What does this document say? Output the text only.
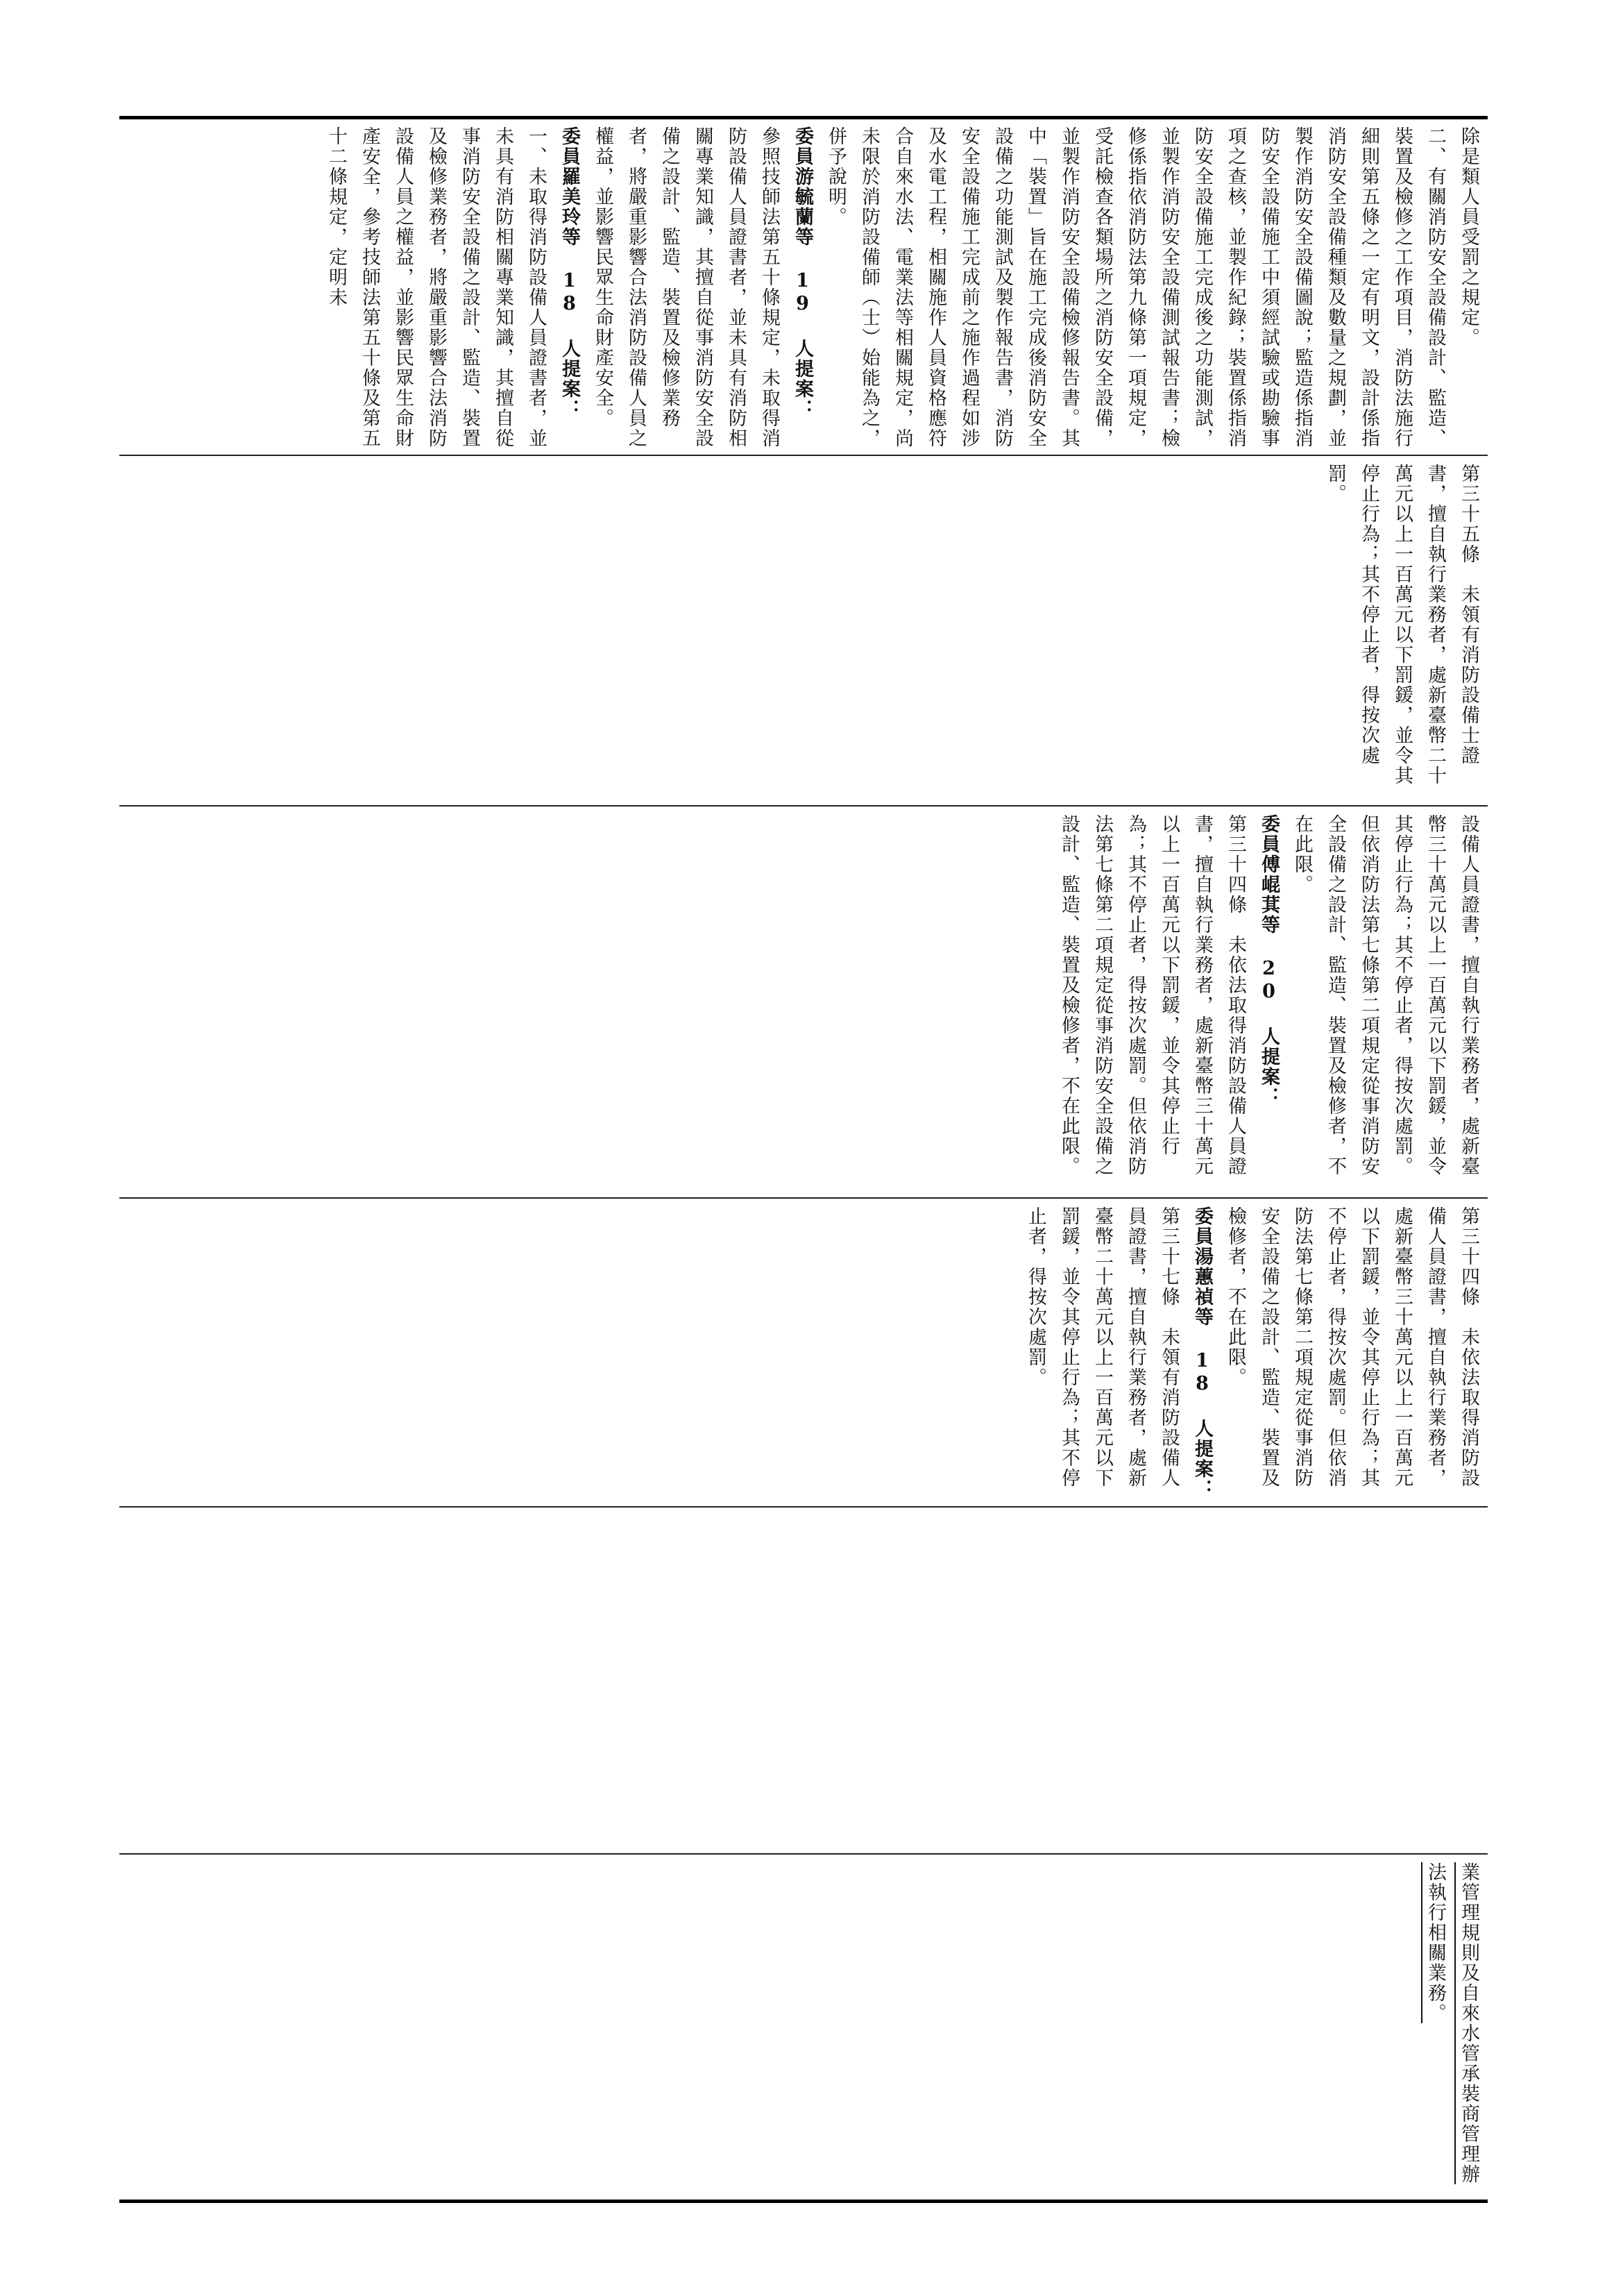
除是類人員受罰之規定。
二、有關消防安全設備設計、監造、裝置及檢修之工作項目，消防法施行細則第五條之一定有明文，設計係指消防安全設備種類及數量之規劃，並製作消防安全設備圖說；監造係指消防安全設備施工中須經試驗或勘驗事項之查核，並製作紀錄；裝置係指消防安全設備施工完成後之功能測試，並製作消防安全設備測試報告書；檢修係指依消防法第九條第一項規定，受託檢查各類場所之消防安全設備，並製作消防安全設備檢修報告書。其中「裝置」旨在施工完成後消防安全設備之功能測試及製作報告書，消防安全設備施工完成前之施作過程如涉及水電工程，相關施作人員資格應符合自來水法、電業法等相關規定，尚未限於消防設備師（士）始能為之，併予說明。
委員游毓蘭等 19 人提案：
參照技師法第五十條規定，未取得消防設備人員證書者，並未具有消防相關專業知識，其擅自從事消防安全設備之設計、監造、裝置及檢修業務者，將嚴重影響合法消防設備人員之權益，並影響民眾生命財產安全。
委員羅美玲等 18 人提案：
一、未取得消防設備人員證書者，並未具有消防相關專業知識，其擅自從事消防安全設備之設計、監造、裝置及檢修業務者，將嚴重影響合法消防設備人員之權益，並影響民眾生命財產安全，參考技師法第五十條及第五十二條規定，定明未
第三十五條　未領有消防設備士證書，擅自執行業務者，處新臺幣二十萬元以上一百萬元以下罰鍰，並令其停止行為；其不停止者，得按次處罰。
設備人員證書，擅自執行業務者，處新臺幣三十萬元以上一百萬元以下罰鍰，並令其停止行為；其不停止者，得按次處罰。但依消防法第七條第二項規定從事消防安全設備之設計、監造、裝置及檢修者，不在此限。
委員傅崐萁等 20 人提案：
第三十四條　未依法取得消防設備人員證書，擅自執行業務者，處新臺幣三十萬元以上一百萬元以下罰鍰，並令其停止行為；其不停止者，得按次處罰。但依消防法第七條第二項規定從事消防安全設備之設計、監造、裝置及檢修者，不在此限。
第三十四條　未依法取得消防設備人員證書，擅自執行業務者，處新臺幣三十萬元以上一百萬元以下罰鍰，並令其停止行為；其不停止者，得按次處罰。但依消防法第七條第二項規定從事消防安全設備之設計、監造、裝置及檢修者，不在此限。
委員湯蕙禎等 18 人提案：
第三十七條　未領有消防設備人員證書，擅自執行業務者，處新臺幣二十萬元以上一百萬元以下罰鍰，並令其停止行為；其不停止者，得按次處罰。
業管理規則及自來水管承裝商管理辦法執行相關業務。
